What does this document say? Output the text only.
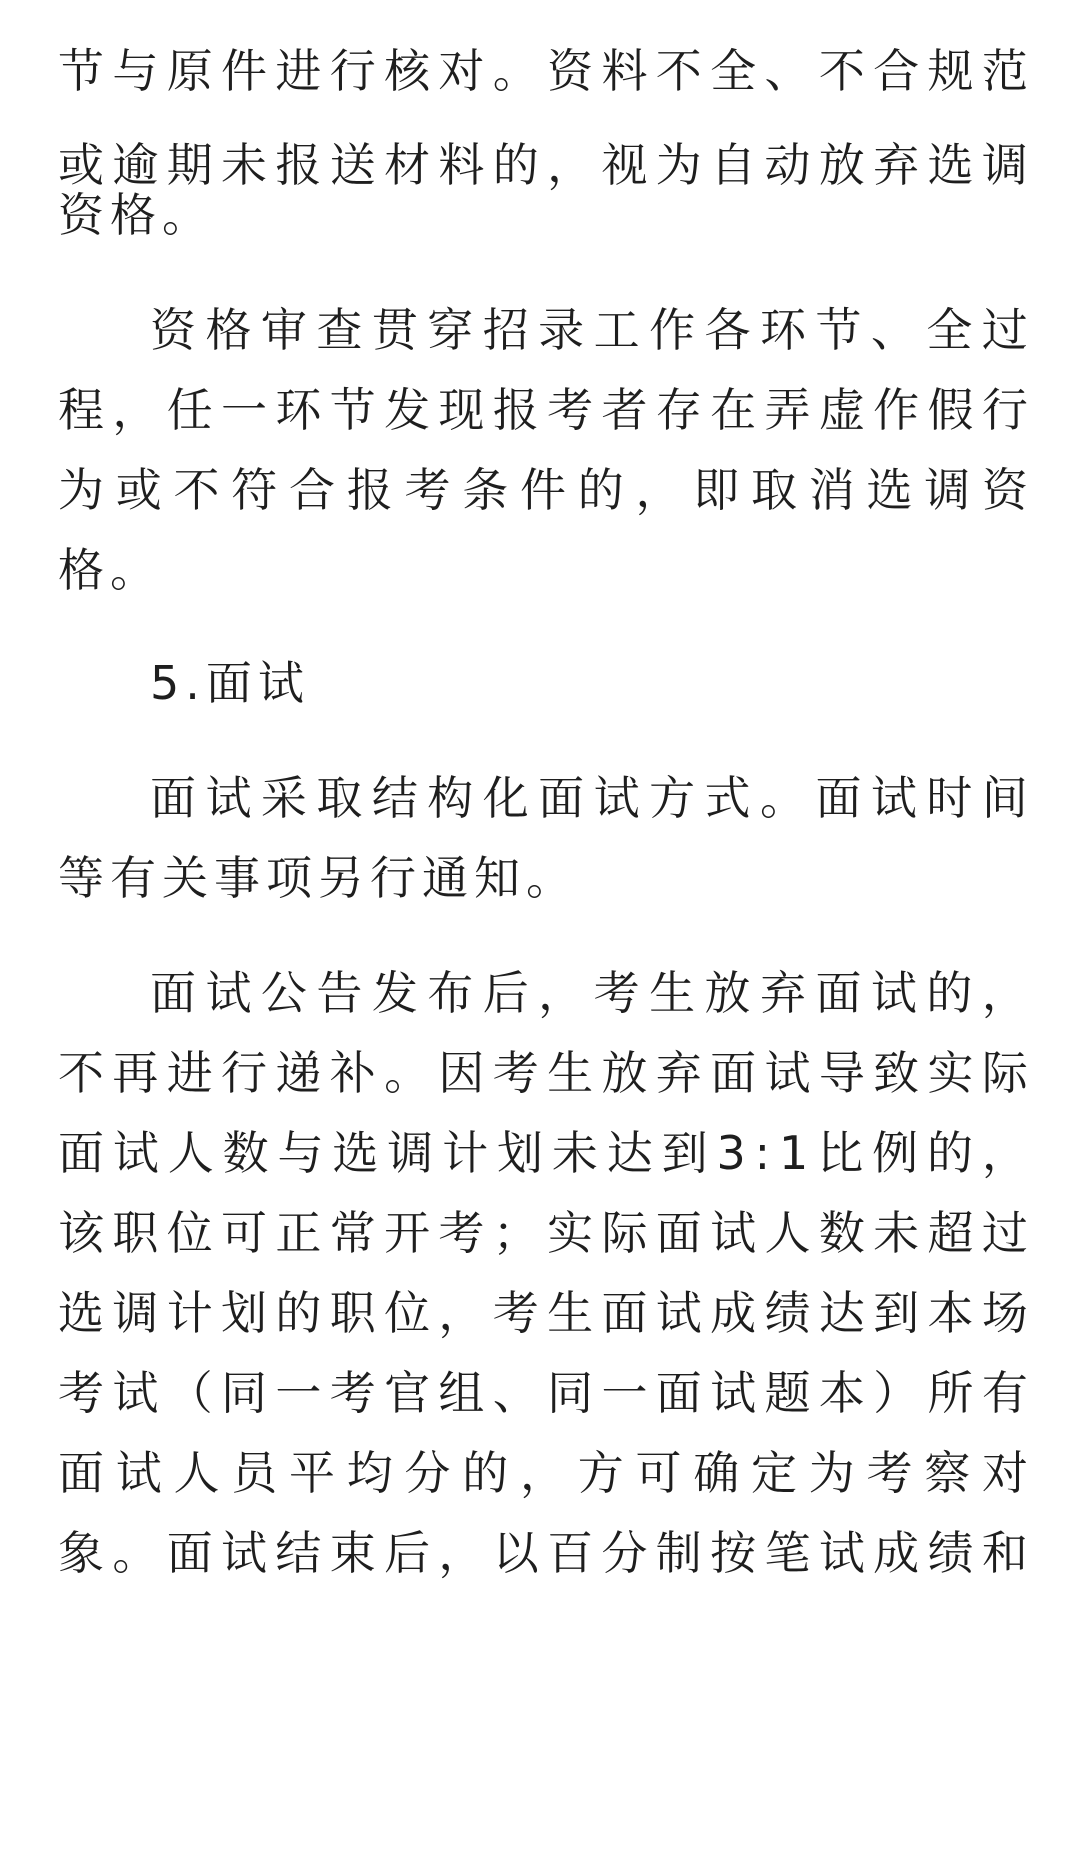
节 与 原 件 进 行 核 对 。 资 料 不 全 、 不 合 规 范
或 逾 期 未 报 送 材 料 的 ， 视 为 自 动 放 弃 选 调
资格。
资 格 审 查 贯 穿 招 录 工 作 各 环 节 、 全 过
程 ， 任 一 环 节 发 现 报 考 者 存 在 弄 虚 作 假 行
为 或 不 符 合 报 考 条 件 的 ， 即 取 消 选 调 资
格。
5.面试
面 试 采 取 结 构 化 面 试 方 式 。 面 试 时 间
等有关事项另行通知。
面 试 公 告 发 布 后 ， 考 生 放 弃 面 试 的 ，
不 再 进 行 递 补 。 因 考 生 放 弃 面 试 导 致 实 际
面 试 人 数 与 选 调 计 划 未 达 到 3 : 1 比 例 的 ，
该 职 位 可 正 常 开 考 ； 实 际 面 试 人 数 未 超 过
选 调 计 划 的 职 位 ， 考 生 面 试 成 绩 达 到 本 场
考 试 （ 同 一 考 官 组 、 同 一 面 试 题 本 ） 所 有
面 试 人 员 平 均 分 的 ， 方 可 确 定 为 考 察 对
象 。 面 试 结 束 后 ， 以 百 分 制 按 笔 试 成 绩 和
